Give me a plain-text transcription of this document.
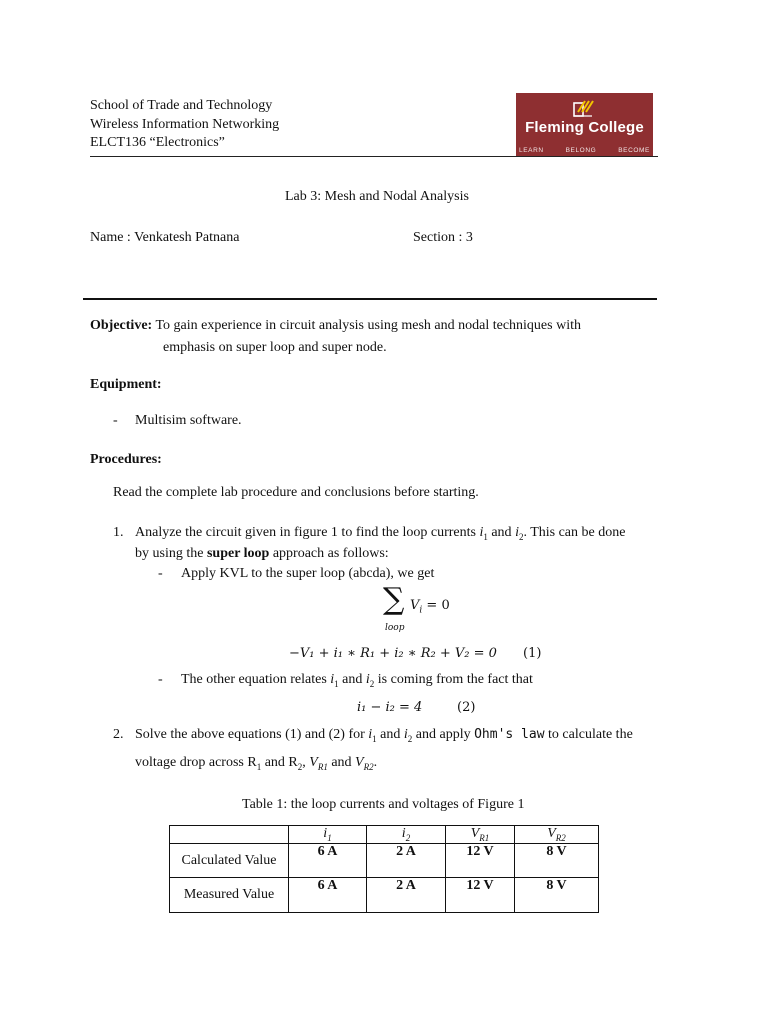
School of Trade and Technology
Wireless Information Networking
ELCT136 “Electronics”
Fleming College
LEARN	BELONG	BECOME
Lab 3: Mesh and Nodal Analysis
Name : Venkatesh Patnana	Section : 3
Objective: To gain experience in circuit analysis using mesh and nodal techniques with
emphasis on super loop and super node.
Equipment:
- Multisim software.
Procedures:
Read the complete lab procedure and conclusions before starting.
1. Analyze the circuit given in figure 1 to find the loop currents $i_1$ and $i_2$. This can be done
by using the super loop approach as follows:
- Apply KVL to the super loop (abcda), we get
∑
loop
$V_i = 0$
−V₁ + i₁ ∗ R₁ + i₂ ∗ R₂ + V₂ = 0 (1)
- The other equation relates $i_1$ and $i_2$ is coming from the fact that
i₁ − i₂ = 4	(2)
2. Solve the above equations (1) and (2) for $i_1$ and $i_2$ and apply Ohm's law to calculate the
voltage drop across $R_1$ and $R_2$, $V_{R1}$ and $V_{R2}$.
Table 1: the loop currents and voltages of Figure 1
	$i_1$	$i_2$	$V_{R1}$	$V_{R2}$
Calculated Value	6 A	2 A	12 V	8 V
Measured Value	6 A	2 A	12 V	8 V
